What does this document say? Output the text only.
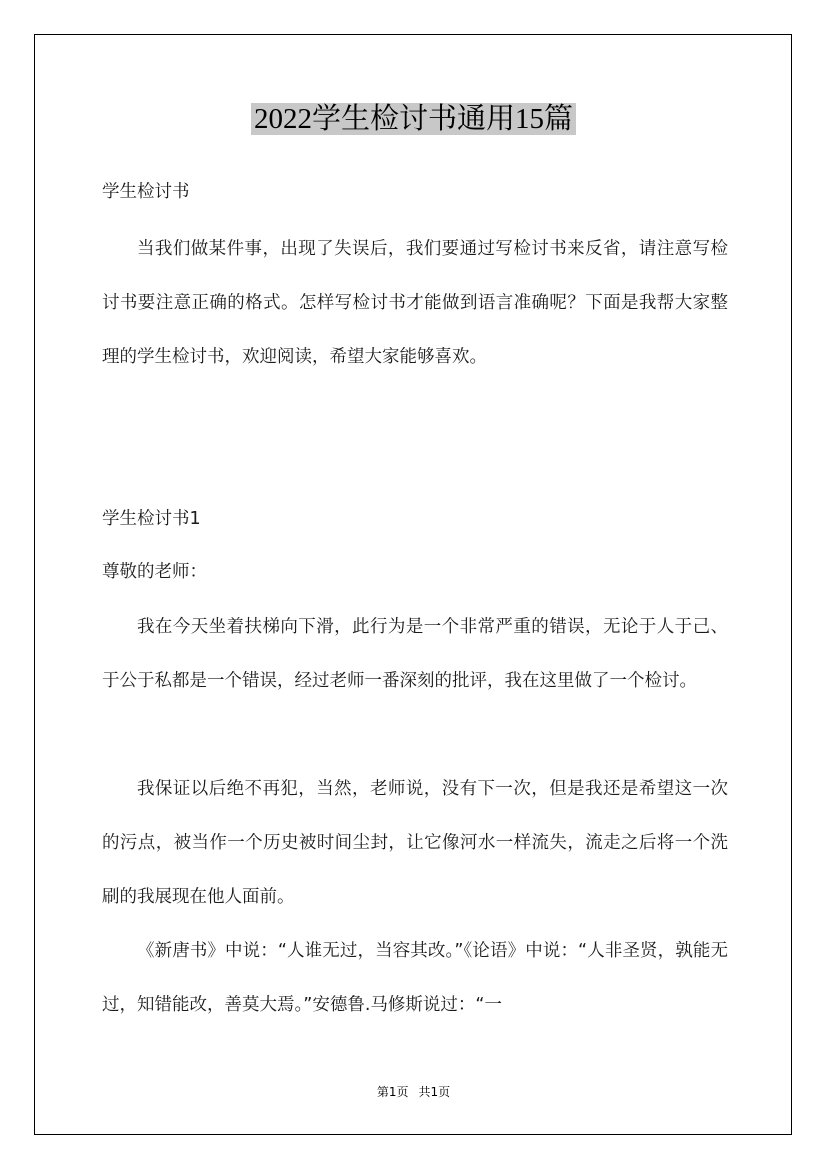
2022学生检讨书通用15篇
学生检讨书

当我们做某件事，出现了失误后，我们要通过写检讨书来反省，请注意写检讨书要注意正确的格式。怎样写检讨书才能做到语言准确呢？下面是我帮大家整理的学生检讨书，欢迎阅读，希望大家能够喜欢。

学生检讨书1
尊敬的老师：

我在今天坐着扶梯向下滑，此行为是一个非常严重的错误，无论于人于己、于公于私都是一个错误，经过老师一番深刻的批评，我在这里做了一个检讨。

我保证以后绝不再犯，当然，老师说，没有下一次，但是我还是希望这一次的污点，被当作一个历史被时间尘封，让它像河水一样流失，流走之后将一个洗刷的我展现在他人面前。

《新唐书》中说：“人谁无过，当容其改。”《论语》中说：“人非圣贤，孰能无过，知错能改，善莫大焉。”安德鲁.马修斯说过：“一

第1页 共1页
